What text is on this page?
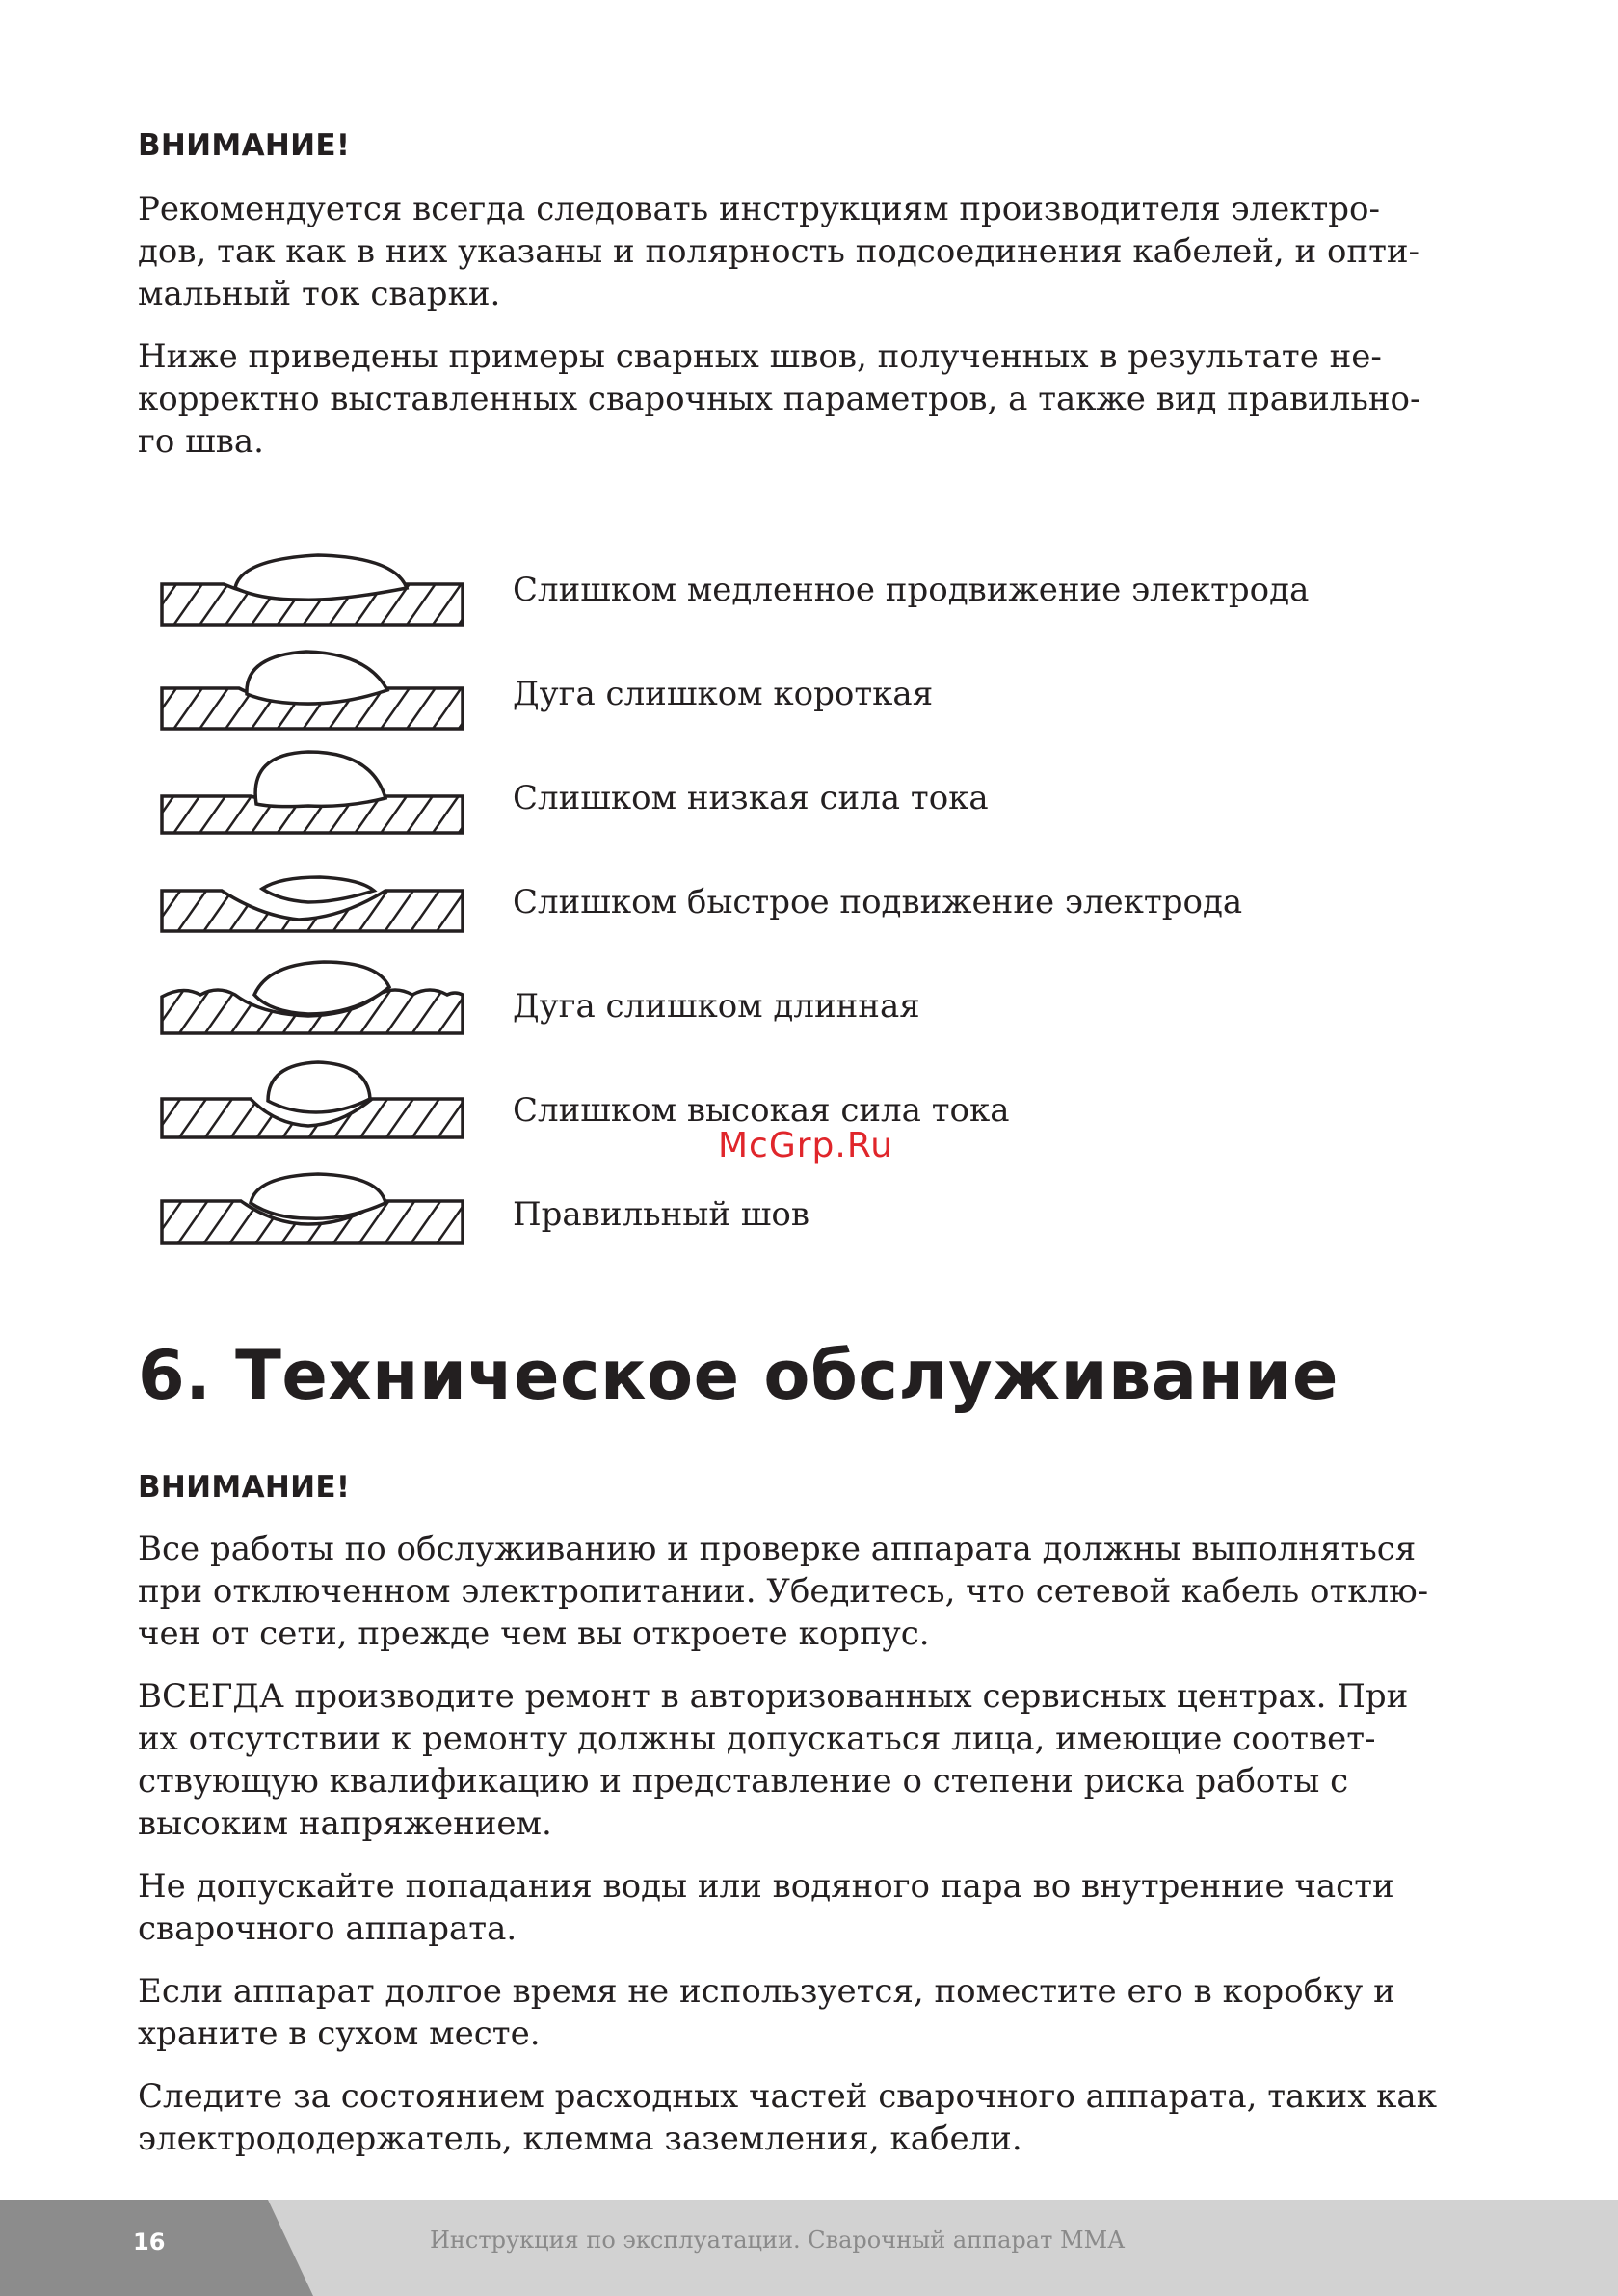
ВНИМАНИЕ!

Рекомендуется всегда следовать инструкциям производителя электро-
дов, так как в них указаны и полярность подсоединения кабелей, и опти-
мальный ток сварки.

Ниже приведены примеры сварных швов, полученных в результате не-
корректно выставленных сварочных параметров, а также вид правильно-
го шва.

Слишком медленное продвижение электрода
Дуга слишком короткая
Слишком низкая сила тока
Слишком быстрое подвижение электрода
Дуга слишком длинная
Слишком высокая сила тока
Правильный шов
McGrp.Ru
6. Техническое обслуживание
ВНИМАНИЕ!

Все работы по обслуживанию и проверке аппарата должны выполняться
при отключенном электропитании. Убедитесь, что сетевой кабель отклю-
чен от сети, прежде чем вы откроете корпус.

ВСЕГДА производите ремонт в авторизованных сервисных центрах. При
их отсутствии к ремонту должны допускаться лица, имеющие соответ-
ствующую квалификацию и представление о степени риска работы с
высоким напряжением.

Не допускайте попадания воды или водяного пара во внутренние части
сварочного аппарата.

Если аппарат долгое время не используется, поместите его в коробку и
храните в сухом месте.

Следите за состоянием расходных частей сварочного аппарата, таких как
электрододержатель, клемма заземления, кабели.

16	Инструкция по эксплуатации. Сварочный аппарат ММА
